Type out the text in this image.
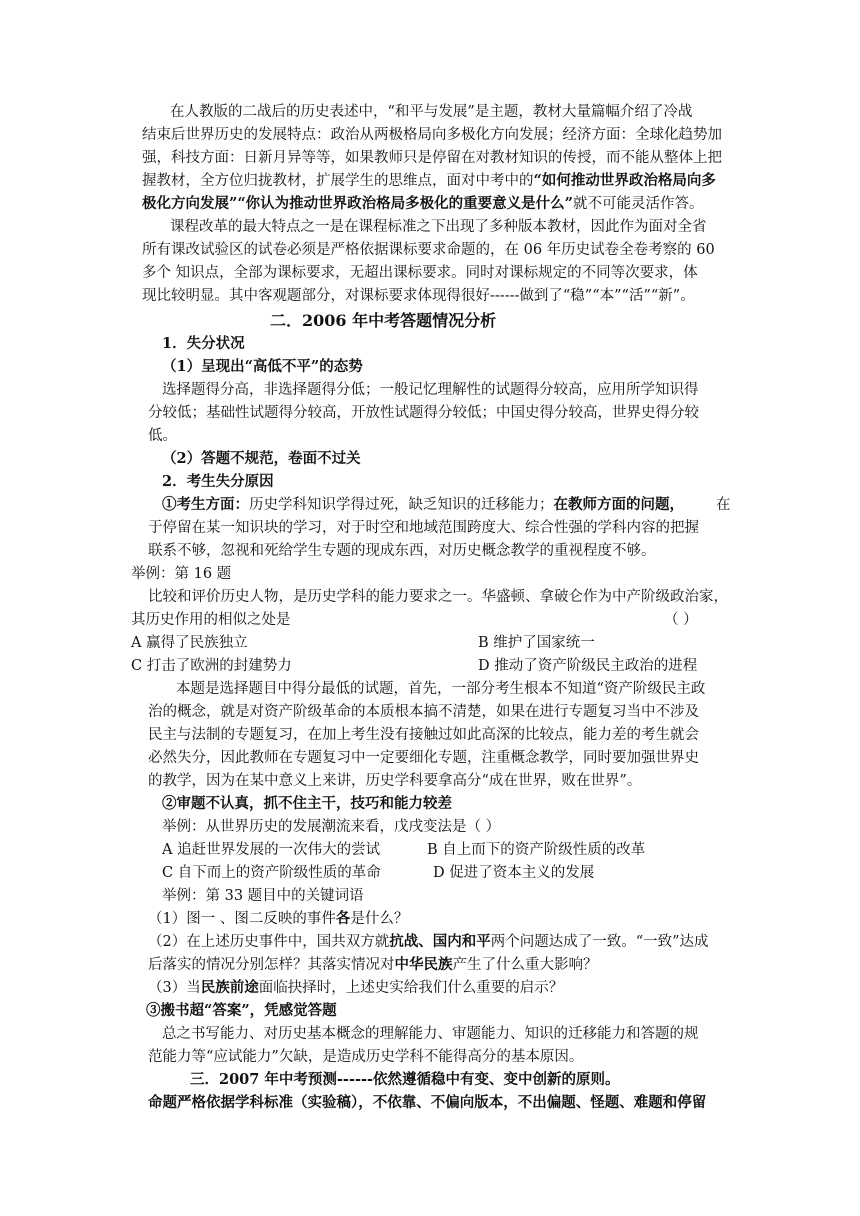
在人教版的二战后的历史表述中，“和平与发展”是主题，教材大量篇幅介绍了冷战
结束后世界历史的发展特点：政治从两极格局向多极化方向发展；经济方面：全球化趋势加
强，科技方面：日新月异等等，如果教师只是停留在对教材知识的传授，而不能从整体上把
握教材，全方位归拢教材，扩展学生的思维点，面对中考中的“如何推动世界政治格局向多
极化方向发展”“你认为推动世界政治格局多极化的重要意义是什么”就不可能灵活作答。
课程改革的最大特点之一是在课程标准之下出现了多种版本教材，因此作为面对全省
所有课改试验区的试卷必须是严格依据课标要求命题的，在 06 年历史试卷全卷考察的 60
多个 知识点，全部为课标要求，无超出课标要求。同时对课标规定的不同等次要求，体
现比较明显。其中客观题部分，对课标要求体现得很好------做到了“稳”“本”“活”“新”。
二．2006 年中考答题情况分析
1．失分状况
（1）呈现出“高低不平”的态势
选择题得分高，非选择题得分低；一般记忆理解性的试题得分较高，应用所学知识得
分较低；基础性试题得分较高，开放性试题得分较低；中国史得分较高，世界史得分较
低。
（2）答题不规范，卷面不过关
2．考生失分原因
①考生方面：历史学科知识学得过死，缺乏知识的迁移能力；在教师方面的问题， 在
于停留在某一知识块的学习，对于时空和地域范围跨度大、综合性强的学科内容的把握
联系不够，忽视和死给学生专题的现成东西，对历史概念教学的重视程度不够。
举例：第 16 题
比较和评价历史人物，是历史学科的能力要求之一。华盛顿、拿破仑作为中产阶级政治家，
其历史作用的相似之处是	（ ）
A 赢得了民族独立	B 维护了国家统一
C 打击了欧洲的封建势力	D 推动了资产阶级民主政治的进程
本题是选择题目中得分最低的试题，首先，一部分考生根本不知道“资产阶级民主政
治的概念，就是对资产阶级革命的本质根本搞不清楚，如果在进行专题复习当中不涉及
民主与法制的专题复习，在加上考生没有接触过如此高深的比较点，能力差的考生就会
必然失分，因此教师在专题复习中一定要细化专题，注重概念教学，同时要加强世界史
的教学，因为在某中意义上来讲，历史学科要拿高分“成在世界，败在世界”。
②审题不认真，抓不住主干，技巧和能力较差
举例：从世界历史的发展潮流来看，戊戌变法是（ ）
A 追赶世界发展的一次伟大的尝试	B 自上而下的资产阶级性质的改革
C 自下而上的资产阶级性质的革命	D 促进了资本主义的发展
举例：第 33 题目中的关键词语
（1）图一 、图二反映的事件各是什么？
（2）在上述历史事件中，国共双方就抗战、国内和平两个问题达成了一致。“一致”达成
后落实的情况分别怎样？其落实情况对中华民族产生了什么重大影响？
（3）当民族前途面临抉择时，上述史实给我们什么重要的启示？
③搬书超“答案”，凭感觉答题
总之书写能力、对历史基本概念的理解能力、审题能力、知识的迁移能力和答题的规
范能力等“应试能力”欠缺，是造成历史学科不能得高分的基本原因。
三．2007 年中考预测------依然遵循稳中有变、变中创新的原则。
命题严格依据学科标准（实验稿），不依靠、不偏向版本，不出偏题、怪题、难题和停留
